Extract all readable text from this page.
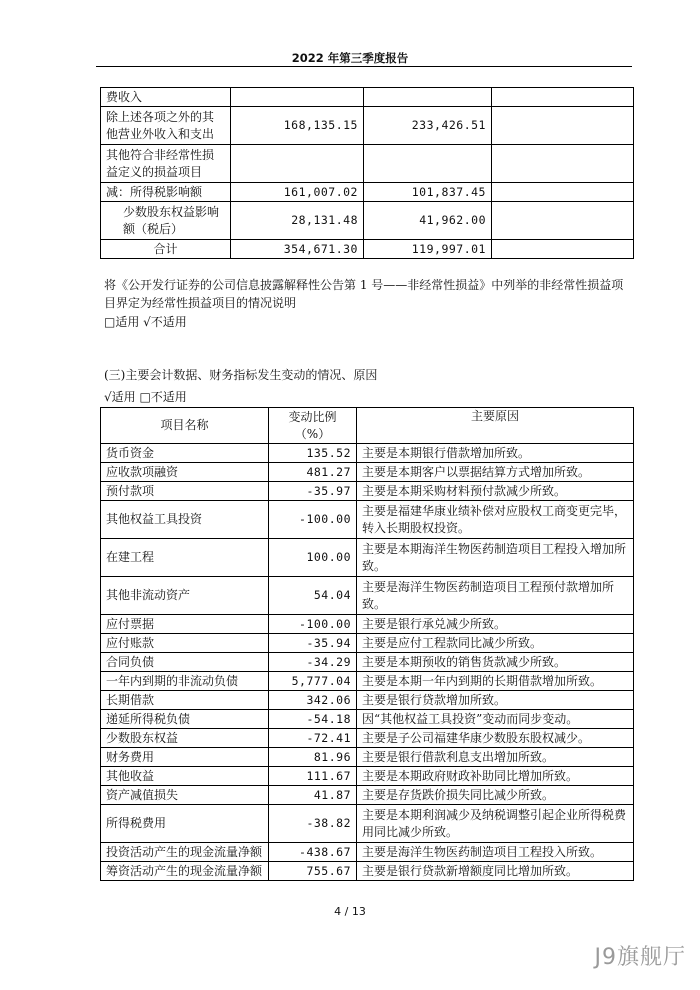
2022 年第三季度报告
费收入			
除上述各项之外的其他营业外收入和支出	168,135.15	233,426.51	
其他符合非经常性损益定义的损益项目			
减：所得税影响额	161,007.02	101,837.45	
少数股东权益影响额（税后）	28,131.48	41,962.00	
合计	354,671.30	119,997.01	
将《公开发行证券的公司信息披露解释性公告第 1 号——非经常性损益》中列举的非经常性损益项目界定为经常性损益项目的情况说明
□适用 √不适用
(三)主要会计数据、财务指标发生变动的情况、原因
√适用 □不适用
项目名称	变动比例（%）	主要原因
货币资金	135.52	主要是本期银行借款增加所致。
应收款项融资	481.27	主要是本期客户以票据结算方式增加所致。
预付款项	-35.97	主要是本期采购材料预付款减少所致。
其他权益工具投资	-100.00	主要是福建华康业绩补偿对应股权工商变更完毕，转入长期股权投资。
在建工程	100.00	主要是本期海洋生物医药制造项目工程投入增加所致。
其他非流动资产	54.04	主要是海洋生物医药制造项目工程预付款增加所致。
应付票据	-100.00	主要是银行承兑减少所致。
应付账款	-35.94	主要是应付工程款同比减少所致。
合同负债	-34.29	主要是本期预收的销售货款减少所致。
一年内到期的非流动负债	5,777.04	主要是本期一年内到期的长期借款增加所致。
长期借款	342.06	主要是银行贷款增加所致。
递延所得税负债	-54.18	因“其他权益工具投资”变动而同步变动。
少数股东权益	-72.41	主要是子公司福建华康少数股东股权减少。
财务费用	81.96	主要是银行借款利息支出增加所致。
其他收益	111.67	主要是本期政府财政补助同比增加所致。
资产减值损失	41.87	主要是存货跌价损失同比减少所致。
所得税费用	-38.82	主要是本期利润减少及纳税调整引起企业所得税费用同比减少所致。
投资活动产生的现金流量净额	-438.67	主要是海洋生物医药制造项目工程投入所致。
筹资活动产生的现金流量净额	755.67	主要是银行贷款新增额度同比增加所致。
4 / 13
J9旗舰厅
